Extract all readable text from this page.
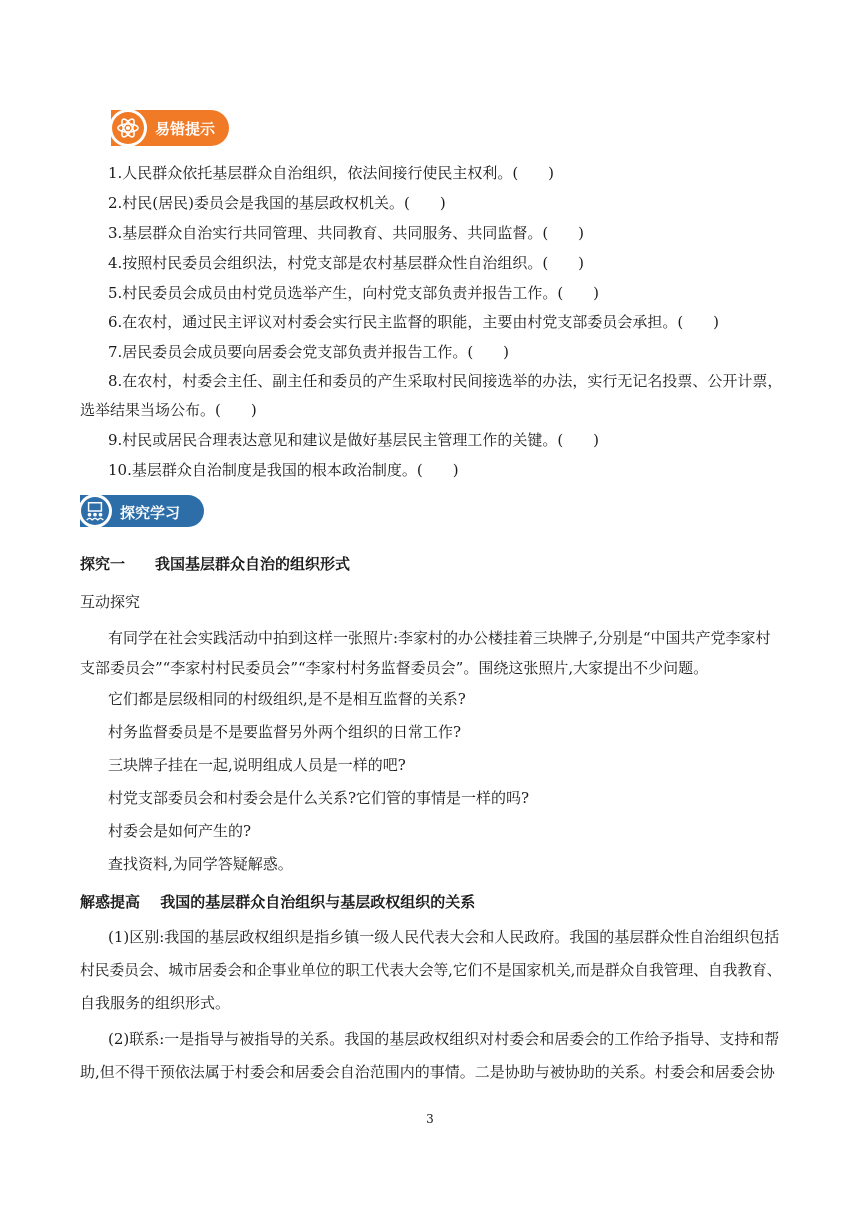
易错提示
1.人民群众依托基层群众自治组织，依法间接行使民主权利。(　　)
2.村民(居民)委员会是我国的基层政权机关。(　　)
3.基层群众自治实行共同管理、共同教育、共同服务、共同监督。(　　)
4.按照村民委员会组织法，村党支部是农村基层群众性自治组织。(　　)
5.村民委员会成员由村党员选举产生，向村党支部负责并报告工作。(　　)
6.在农村，通过民主评议对村委会实行民主监督的职能，主要由村党支部委员会承担。(　　)
7.居民委员会成员要向居委会党支部负责并报告工作。(　　)
8.在农村，村委会主任、副主任和委员的产生采取村民间接选举的办法，实行无记名投票、公开计票，
选举结果当场公布。(　　)
9.村民或居民合理表达意见和建议是做好基层民主管理工作的关键。(　　)
10.基层群众自治制度是我国的根本政治制度。(　　)
探究学习
探究一　　我国基层群众自治的组织形式
互动探究
有同学在社会实践活动中拍到这样一张照片:李家村的办公楼挂着三块牌子,分别是“中国共产党李家村
支部委员会”“李家村村民委员会”“李家村村务监督委员会”。围绕这张照片,大家提出不少问题。
它们都是层级相同的村级组织,是不是相互监督的关系?
村务监督委员是不是要监督另外两个组织的日常工作?
三块牌子挂在一起,说明组成人员是一样的吧?
村党支部委员会和村委会是什么关系?它们管的事情是一样的吗?
村委会是如何产生的?
查找资料,为同学答疑解惑。
解惑提高　 我国的基层群众自治组织与基层政权组织的关系
(1)区别:我国的基层政权组织是指乡镇一级人民代表大会和人民政府。我国的基层群众性自治组织包括
村民委员会、城市居委会和企事业单位的职工代表大会等,它们不是国家机关,而是群众自我管理、自我教育、
自我服务的组织形式。
(2)联系:一是指导与被指导的关系。我国的基层政权组织对村委会和居委会的工作给予指导、支持和帮
助,但不得干预依法属于村委会和居委会自治范围内的事情。二是协助与被协助的关系。村委会和居委会协
3
